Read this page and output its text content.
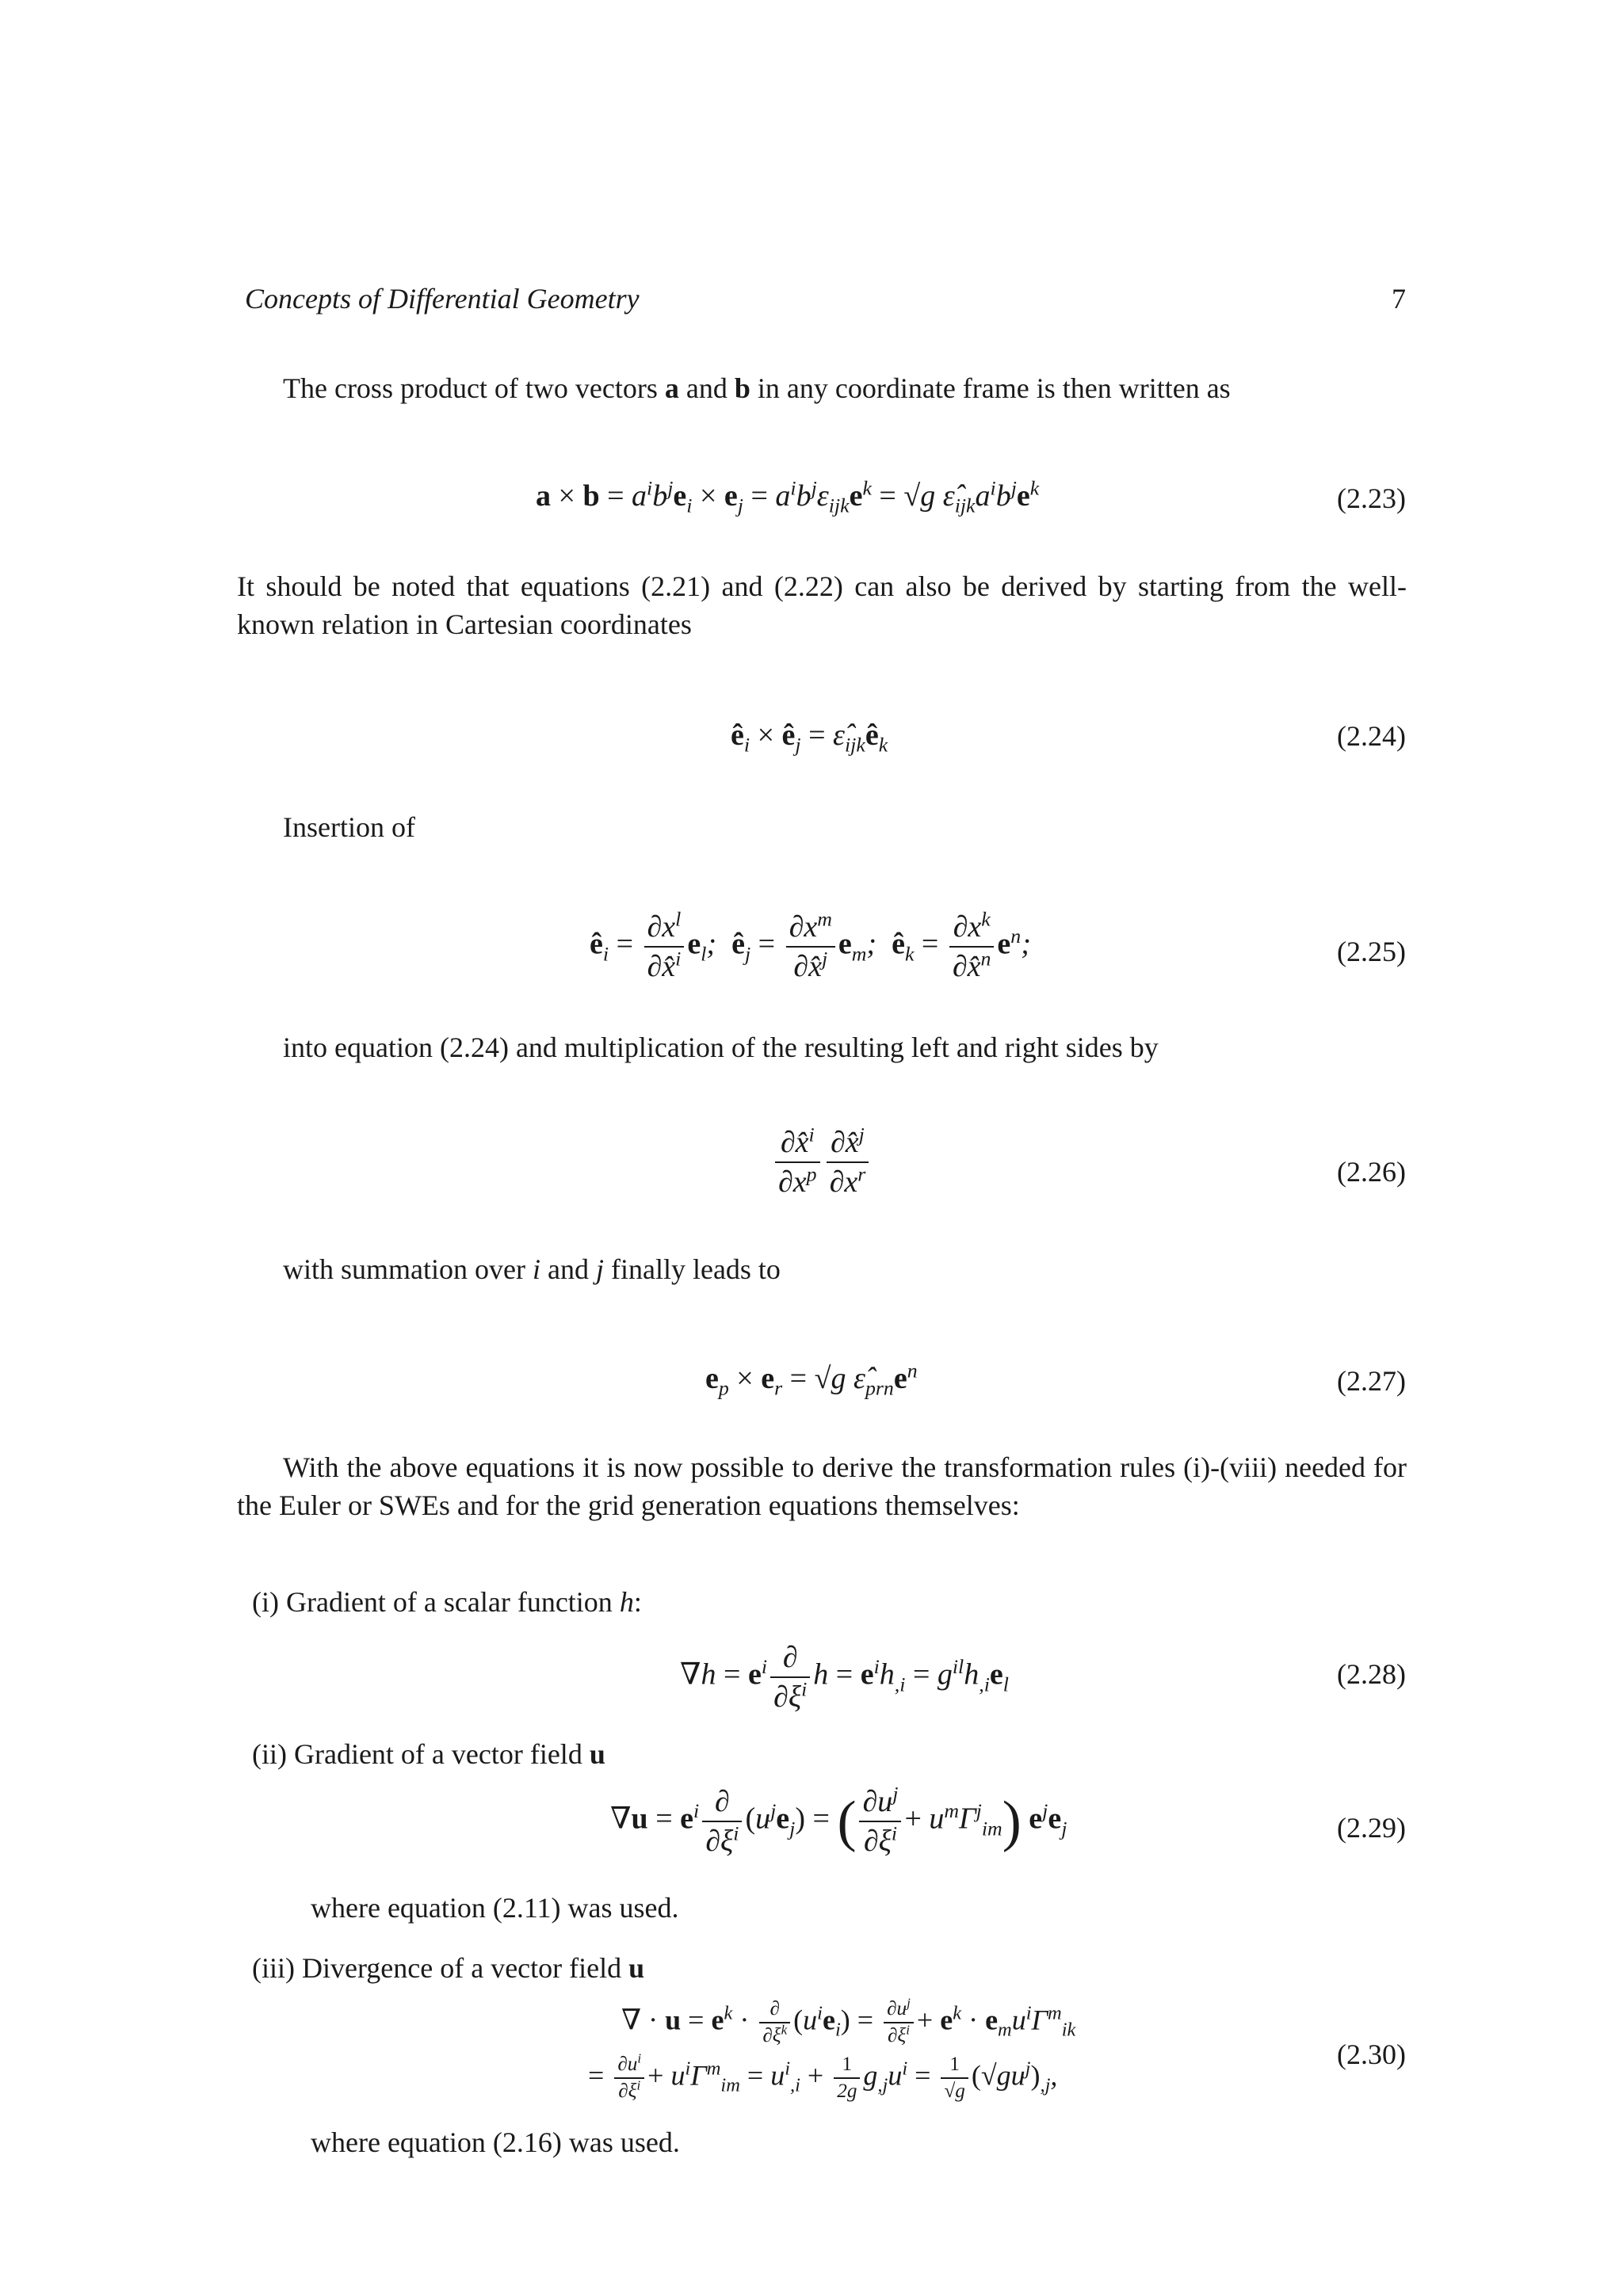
Concepts of Differential Geometry	7
The cross product of two vectors a and b in any coordinate frame is then written as
$a \times b = a^ib^je_i \times e_j = a^ib^j\varepsilon_{ijk}e^k = √g$ $\varepsilon̂_{ijk}a^ib^je^k$	(2.23)
It should be noted that equations (2.21) and (2.22) can also be derived by starting from the well-known relation in Cartesian coordinates
$ê_i$ × $ê_j$ = $\varepsilon̂_{ijk}ê_k$	(2.24)
Insertion of
$ê_i = \frac{\partial x^l}{\partial x̂^i} e_l$;  $ê_j = \frac{\partial x^m}{\partial x̂^j} e_m$;  $ê_k = \frac{\partial x^k}{\partial x̂^n} e^n$;	(2.25)
into equation (2.24) and multiplication of the resulting left and right sides by
$\frac{\partial x̂^i}{\partial x^p} \frac{\partial x̂^j}{\partial x^r}$	(2.26)
with summation over i and j finally leads to
$e_p \times e_r = √g$ $\varepsilon̂_{prn}e^n$	(2.27)
With the above equations it is now possible to derive the transformation rules (i)-(viii) needed for the Euler or SWEs and for the grid generation equations themselves:
(i) Gradient of a scalar function h:
$\nabla h = e^i \frac{\partial}{\partial\xi^i}$ $h = e^ih_{,i} = g^{il}h_{,i}e_l$	(2.28)
(ii) Gradient of a vector field u
$\nabla u = e^i \frac{\partial}{\partial\xi^i} (u^je_j)$ = ( $\frac{\partial u^j}{\partial\xi^i} + u^m\Gamma^j_{im}$) $e^je_j$	(2.29)
where equation (2.11) was used.
(iii) Divergence of a vector field u
∇ · $u = e^k \cdot \frac{\partial}{\partial\xi^k} (u^ie_i) = \frac{\partial u^j}{\partial\xi^i} + e^k \cdot e_mu^i\Gamma^m_{ik}$
= $\frac{\partial u^i}{\partial\xi^i} + u^i\Gamma^m_{im} = u^i_{,i} + \frac{1}{2g} g_{,j}u^i = \frac{1}{√g} (√gu^j)_{,j}$,
(2.30)
where equation (2.16) was used.
